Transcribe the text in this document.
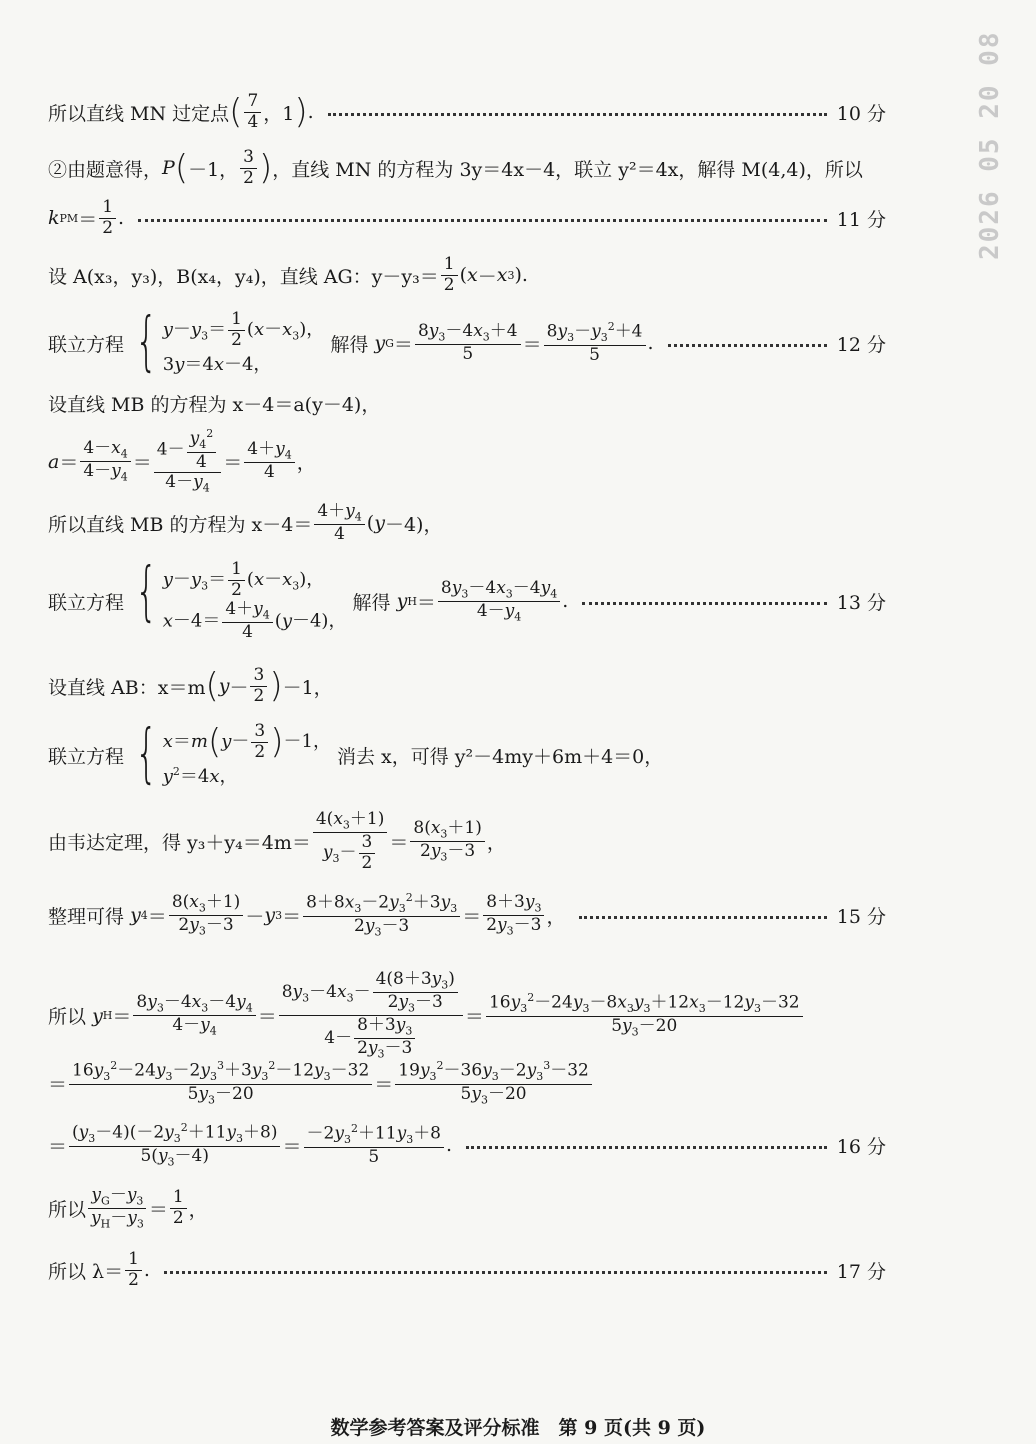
2026 05 20 08
所以直线 MN 过定点 ( $\frac{7}{4}$ ，1 ) .	10 分
②由题意得， P ( －1， $\frac{3}{2}$ ) ，直线 MN 的方程为 3y＝4x－4，联立 y²＝4x，解得 M(4,4)，所以
k PM ＝ $\frac{1}{2}$ .	11 分
设 A(x₃，y₃)，B(x₄，y₄)，直线 AG：$y-y_3= \frac{1}{2}$ ( x － x 3 ).
联立方程 { $y-y_3= \frac{1}{2} (x-x_3)$，
3y＝4x－4，

解得
y $G = \frac{8y_3-4x_3+4}{5} = \frac{8y_3-y_3^2+4}{5}$ .	12 分
设直线 MB 的方程为 x－4＝a(y－4)，
$a = \frac{4-x_4}{4-y_4} = \frac{4- \frac{y_4^2}{4}}{4-y_4} = \frac{4+y_4}{4}$ ，
所以直线 MB 的方程为 $x-4= \frac{4+y_4}{4}$ ( y －4)，
联立方程 { $y-y_3= \frac{1}{2} (x-x_3)$，
$x-4= \frac{4+y_4}{4} (y-4)$，

解得
y $H = \frac{8y_3-4x_3-4y_4}{4-y_4}$ .	13 分
设直线 AB：x＝m ( $y - \frac{3}{2}$ ) －1，
联立方程 { $x=m(y- \frac{3}{2} )-1$，
$y^2=4x$，

消去 x，可得 y²－4my＋6m＋4＝0，
由韦达定理，得 $y_3+y_4=4m= \frac{4(x_3+1)}{y_3- \frac{3}{2}} = \frac{8(x_3+1)}{2y_3-3}$ ，
整理可得
y $4 = \frac{8(x_3+1)}{2y_3-3} - y$ $3 = \frac{8+8x_3-2y_3^2+3y_3}{2y_3-3} = \frac{8+3y_3}{2y_3-3}$ ，	15 分
所以
y $H = \frac{8y_3-4x_3-4y_4}{4-y_4} = \frac{8y_3-4x_3- \frac{4(8+3y_3)}{2y_3-3}}{4- \frac{8+3y_3}{2y_3-3}} = \frac{16y_3^2-24y_3-8x_3y_3+12x_3-12y_3-32}{5y_3-20}$
＝ $\frac{16y_3^2-24y_3-2y_3^3+3y_3^2-12y_3-32}{5y_3-20} = \frac{19y_3^2-36y_3-2y_3^3-32}{5y_3-20}$
＝ $\frac{(y_3-4)(-2y_3^2+11y_3+8)}{5(y_3-4)} = \frac{-2y_3^2+11y_3+8}{5}$ .	16 分
所以 $\frac{y_G-y_3}{y_H-y_3} = \frac{1}{2}$ ，
所以 $\lambda= \frac{1}{2}$ .	17 分
数学参考答案及评分标准　第 9 页(共 9 页)
